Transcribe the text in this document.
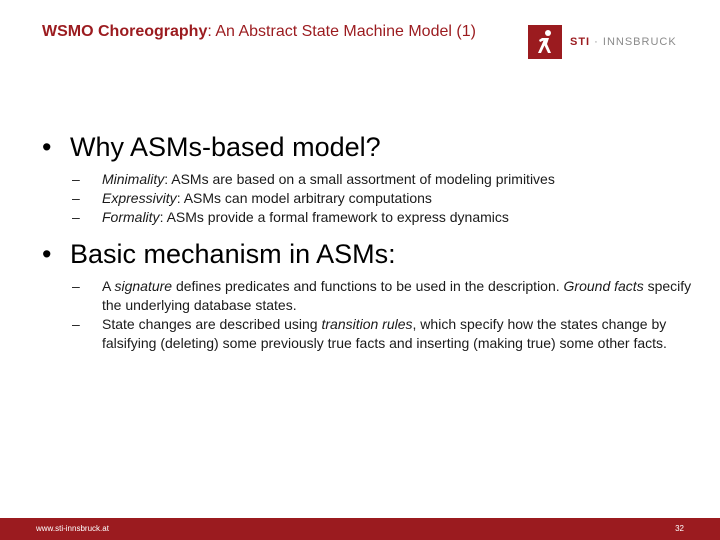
WSMO Choreography: An Abstract State Machine Model (1)
STI · INNSBRUCK
• Why ASMs-based model?
– Minimality: ASMs are based on a small assortment of modeling primitives
– Expressivity: ASMs can model arbitrary computations
– Formality: ASMs provide a formal framework to express dynamics
• Basic mechanism in ASMs:
– A signature defines predicates and functions to be used in the description. Ground facts specify the underlying database states.
– State changes are described using transition rules, which specify how the states change by falsifying (deleting) some previously true facts and inserting (making true) some other facts.
www.sti-innsbruck.at	32
